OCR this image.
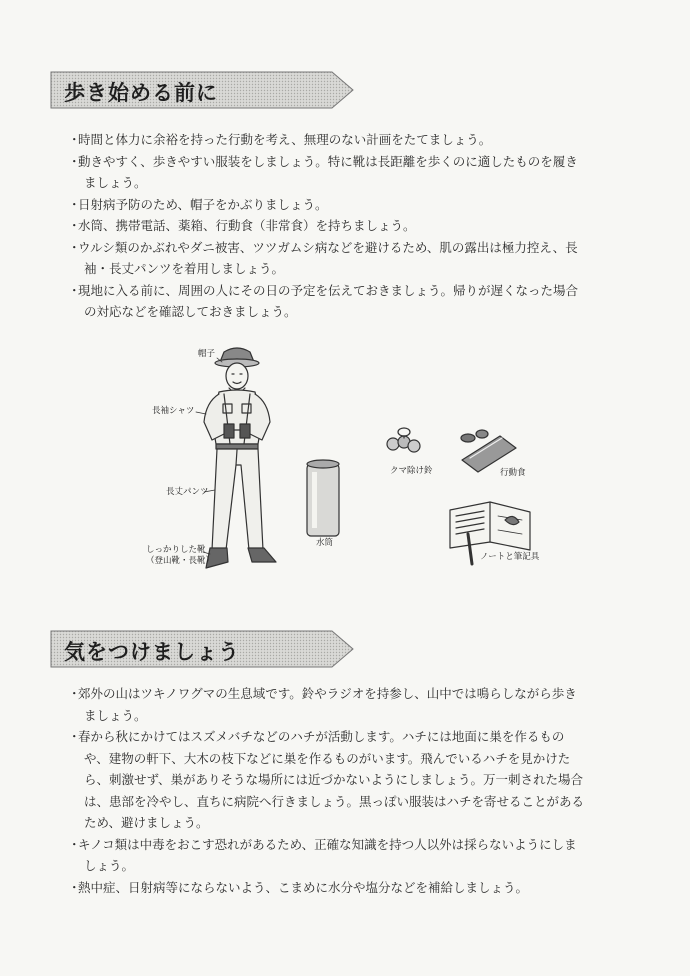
歩き始める前に
・ 時間と体力に余裕を持った行動を考え、無理のない計画をたてましょう。
・ 動きやすく、歩きやすい服装をしましょう。特に靴は長距離を歩くのに適したものを履き
ましょう。
・ 日射病予防のため、帽子をかぶりましょう。
・ 水筒、携帯電話、薬箱、行動食（非常食）を持ちましょう。
・ ウルシ類のかぶれやダニ被害、ツツガムシ病などを避けるため、肌の露出は極力控え、長
袖・長丈パンツを着用しましょう。
・ 現地に入る前に、周囲の人にその日の予定を伝えておきましょう。帰りが遅くなった場合
の対応などを確認しておきましょう。
帽子
長袖シャツ
長丈パンツ
しっかりした靴
（登山靴・長靴）
水筒
クマ除け鈴	行動食
ノートと筆記具
気をつけましょう
・ 郊外の山はツキノワグマの生息域です。鈴やラジオを持参し、山中では鳴らしながら歩き
ましょう。
・ 春から秋にかけてはスズメバチなどのハチが活動します。ハチには地面に巣を作るもの
や、建物の軒下、大木の枝下などに巣を作るものがいます。飛んでいるハチを見かけた
ら、刺激せず、巣がありそうな場所には近づかないようにしましょう。万一刺された場合
は、患部を冷やし、直ちに病院へ行きましょう。黒っぽい服装はハチを寄せることがある
ため、避けましょう。
・ キノコ類は中毒をおこす恐れがあるため、正確な知識を持つ人以外は採らないようにしま
しょう。
・ 熱中症、日射病等にならないよう、こまめに水分や塩分などを補給しましょう。
